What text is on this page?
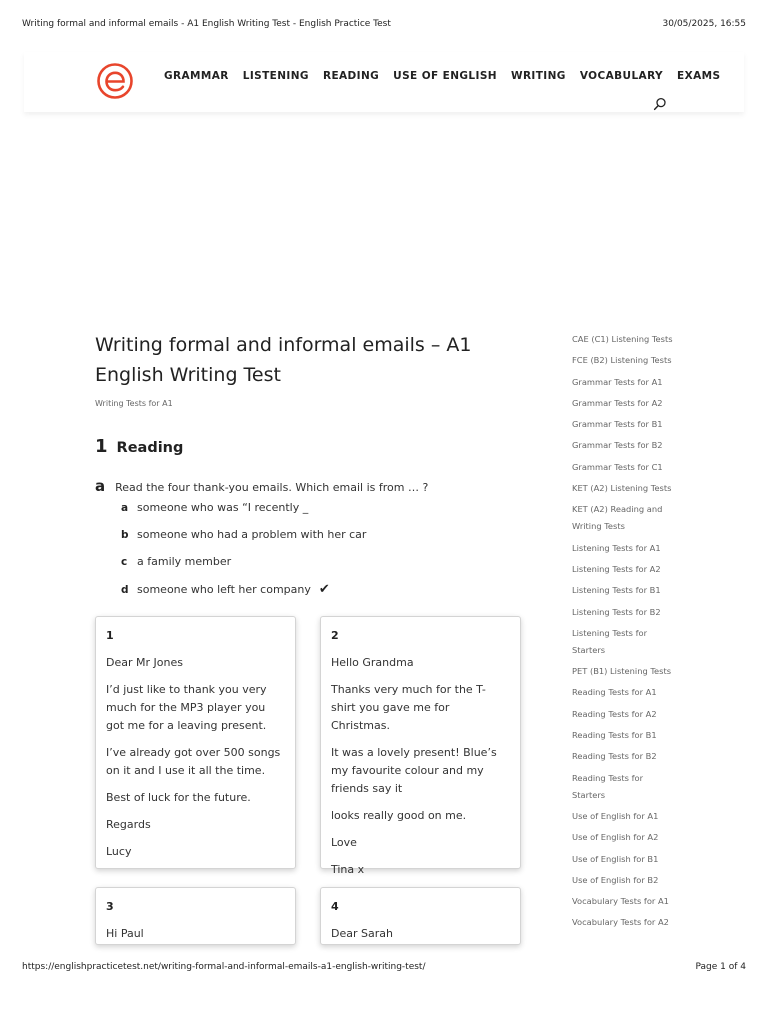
Writing formal and informal emails - A1 English Writing Test - English Practice Test	30/05/2025, 16:55
GRAMMAR LISTENING READING USE OF ENGLISH WRITING VOCABULARY EXAMS
Writing formal and informal emails – A1 English Writing Test
Writing Tests for A1
1 Reading
a Read the four thank-you emails. Which email is from … ?
a someone who was “I recently _
b someone who had a problem with her car
c a family member
d someone who left her company ✔
1

Dear Mr Jones

I’d just like to thank you very much for the MP3 player you got me for a leaving present.

I’ve already got over 500 songs on it and I use it all the time.

Best of luck for the future.

Regards

Lucy

2

Hello Grandma

Thanks very much for the T-shirt you gave me for Christmas.

It was a lovely present! Blue’s my favourite colour and my friends say it

looks really good on me.

Love

Tina x

3

Hi Paul

4

Dear Sarah

CAE (C1) Listening Tests
FCE (B2) Listening Tests
Grammar Tests for A1
Grammar Tests for A2
Grammar Tests for B1
Grammar Tests for B2
Grammar Tests for C1
KET (A2) Listening Tests
KET (A2) Reading and Writing Tests
Listening Tests for A1
Listening Tests for A2
Listening Tests for B1
Listening Tests for B2
Listening Tests for Starters
PET (B1) Listening Tests
Reading Tests for A1
Reading Tests for A2
Reading Tests for B1
Reading Tests for B2
Reading Tests for Starters
Use of English for A1
Use of English for A2
Use of English for B1
Use of English for B2
Vocabulary Tests for A1
Vocabulary Tests for A2
https://englishpracticetest.net/writing-formal-and-informal-emails-a1-english-writing-test/	Page 1 of 4
